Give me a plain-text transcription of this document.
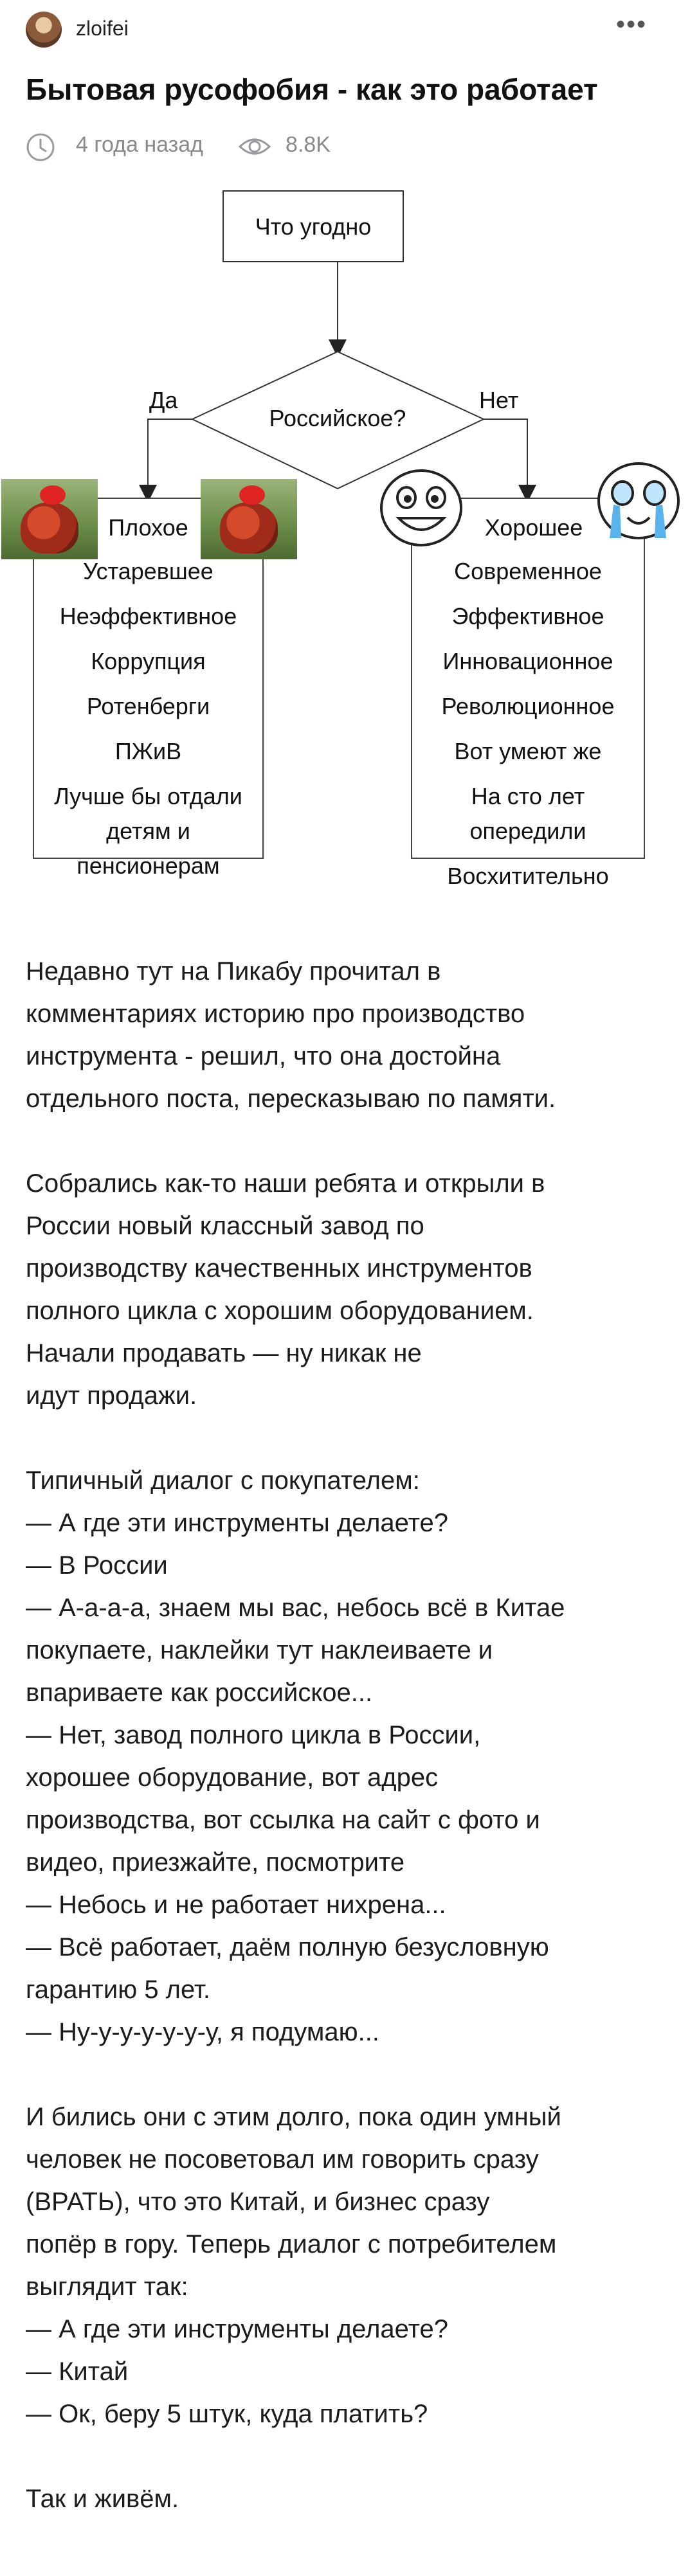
zloifei	•••
Бытовая русофобия - как это работает
4 года назад	8.8K
Что угодно
Российское?
Да	Нет
Плохое
Устаревшее
Неэффективное
Коррупция
Ротенберги
ПЖиВ
Лучше бы отдали
детям и
пенсионерам
Хорошее
Современное
Эффективное
Инновационное
Революционное
Вот умеют же
На сто лет
опередили
Восхитительно

Недавно тут на Пикабу прочитал в
комментариях историю про производство
инструмента - решил, что она достойна
отдельного поста, пересказываю по памяти.

Собрались как-то наши ребята и открыли в
России новый классный завод по
производству качественных инструментов
полного цикла с хорошим оборудованием.
Начали продавать — ну никак не
идут продажи.

Типичный диалог с покупателем:
— А где эти инструменты делаете?
— В России
— А-а-а-а, знаем мы вас, небось всё в Китае
покупаете, наклейки тут наклеиваете и
впариваете как российское...
— Нет, завод полного цикла в России,
хорошее оборудование, вот адрес
производства, вот ссылка на сайт с фото и
видео, приезжайте, посмотрите
— Небось и не работает нихрена...
— Всё работает, даём полную безусловную
гарантию 5 лет.
— Ну-у-у-у-у-у-у, я подумаю...

И бились они с этим долго, пока один умный
человек не посоветовал им говорить сразу
(ВРАТЬ), что это Китай, и бизнес сразу
попёр в гору. Теперь диалог с потребителем
выглядит так:
— А где эти инструменты делаете?
— Китай
— Ок, беру 5 штук, куда платить?

Так и живём.
